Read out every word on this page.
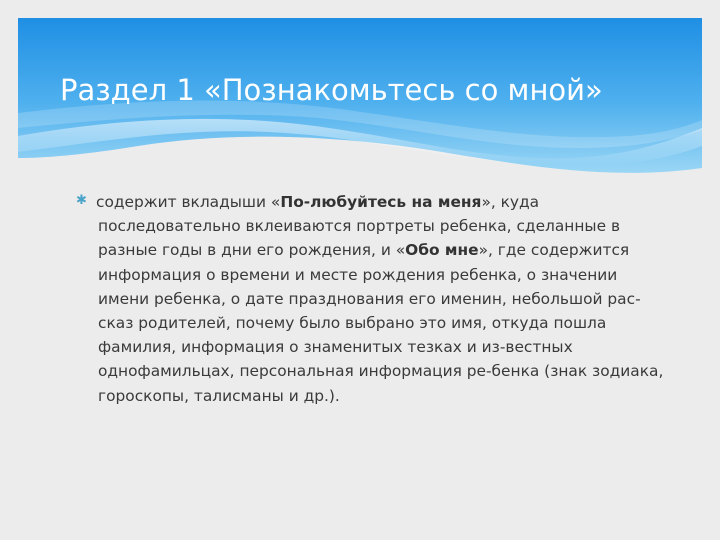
Раздел 1 «Познакомьтесь со мной»
✱ содержит вкладыши «По-любуйтесь на меня», куда последовательно вклеиваются портреты ребенка, сделанные в разные годы в дни его рождения, и «Обо мне», где содержится информация о времени и месте рождения ребенка, о значении имени ребенка, о дате празднования его именин, небольшой рас-сказ родителей, почему было выбрано это имя, откуда пошла фамилия, информация о знаменитых тезках и из-вестных однофамильцах, персональная информация ре-бенка (знак зодиака, гороскопы, талисманы и др.).
